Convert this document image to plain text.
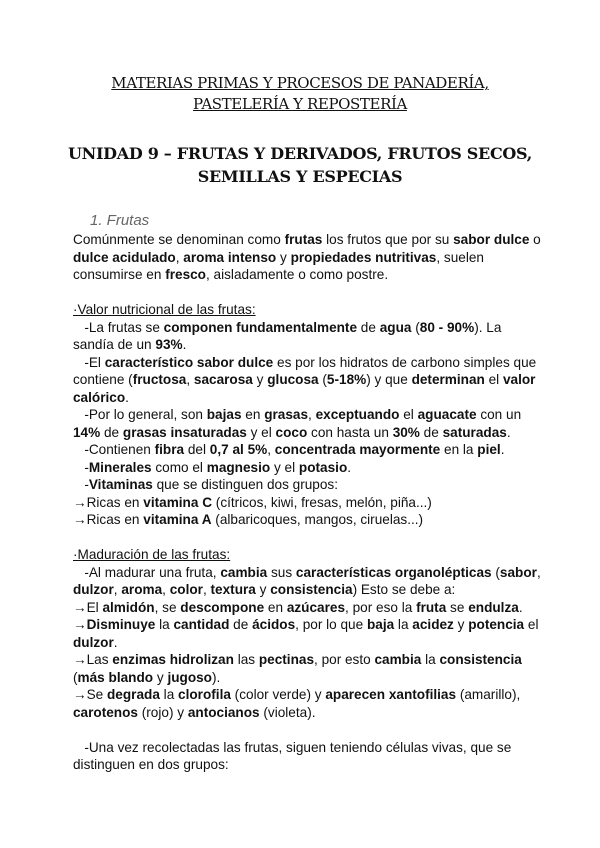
MATERIAS PRIMAS Y PROCESOS DE PANADERÍA,
PASTELERÍA Y REPOSTERÍA
UNIDAD 9 – FRUTAS Y DERIVADOS, FRUTOS SECOS,
SEMILLAS Y ESPECIAS
1. Frutas
Comúnmente se denominan como frutas los frutos que por su sabor dulce o
dulce acidulado, aroma intenso y propiedades nutritivas, suelen
consumirse en fresco, aisladamente o como postre.
·Valor nutricional de las frutas:
-La frutas se componen fundamentalmente de agua (80 - 90%). La
sandía de un 93%.
-El característico sabor dulce es por los hidratos de carbono simples que
contiene (fructosa, sacarosa y glucosa (5-18%) y que determinan el valor
calórico.
-Por lo general, son bajas en grasas, exceptuando el aguacate con un
14% de grasas insaturadas y el coco con hasta un 30% de saturadas.
-Contienen fibra del 0,7 al 5%, concentrada mayormente en la piel.
-Minerales como el magnesio y el potasio.
-Vitaminas que se distinguen dos grupos:
→Ricas en vitamina C (cítricos, kiwi, fresas, melón, piña...)
→Ricas en vitamina A (albaricoques, mangos, ciruelas...)
·Maduración de las frutas:
-Al madurar una fruta, cambia sus características organolépticas (sabor,
dulzor, aroma, color, textura y consistencia) Esto se debe a:
→El almidón, se descompone en azúcares, por eso la fruta se endulza.
→Disminuye la cantidad de ácidos, por lo que baja la acidez y potencia el
dulzor.
→Las enzimas hidrolizan las pectinas, por esto cambia la consistencia
(más blando y jugoso).
→Se degrada la clorofila (color verde) y aparecen xantofilias (amarillo),
carotenos (rojo) y antocianos (violeta).
-Una vez recolectadas las frutas, siguen teniendo células vivas, que se
distinguen en dos grupos:
